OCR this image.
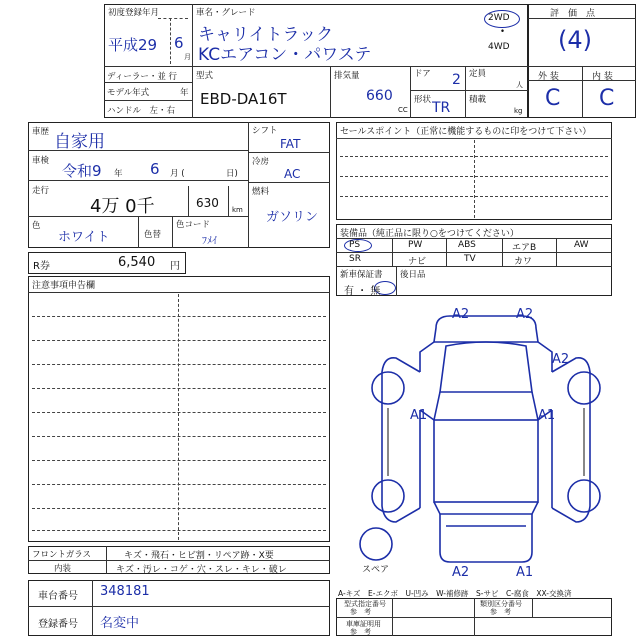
初度登録年月
平成29 6
月
車名・グレード
キャリイトラック
KCエアコン・パワステ
2WD
•
4WD
ディーラー・並 行
モデル年式	年
ハンドル　左・右
型式
EBD-DA16T
排気量
660
CC
ドア 2
形状 TR
定員
人
積載
kg
評　価　点
(4)
外 装	内 装
C C
車歴 自家用
車検
令和9 年 6 月 (	日)
走行
4万 0千	630 km
色
ホワイト	色替
色コード
ﾌﾒｲ
シフト
FAT
冷房
AC
燃料
ガソリン
R券	6,540 円
セールスポイント（正常に機能するものに印をつけて下さい）
装備品（純正品に限り○をつけてください）
PS	PW	ABS	エアB	AW
SR	ナビ	TV	カワ
新車保証書
有 ・ 無
後日品
注意事項申告欄
A2	A2
A2
A1	A1
A2	A1
スペア
フロントガラス	キズ・飛石・ヒビ割・リペア跡・X要
内装	キズ・汚レ・コゲ・穴・スレ・キレ・破レ
車台番号 348181
登録番号 名変中
A-キズ　E-エクボ　U-凹み　W-補修跡　S-サビ　C-腐食　XX-交換済
型式指定番号
参　考
類別区分番号
参　考
車庫証明用
参　考
